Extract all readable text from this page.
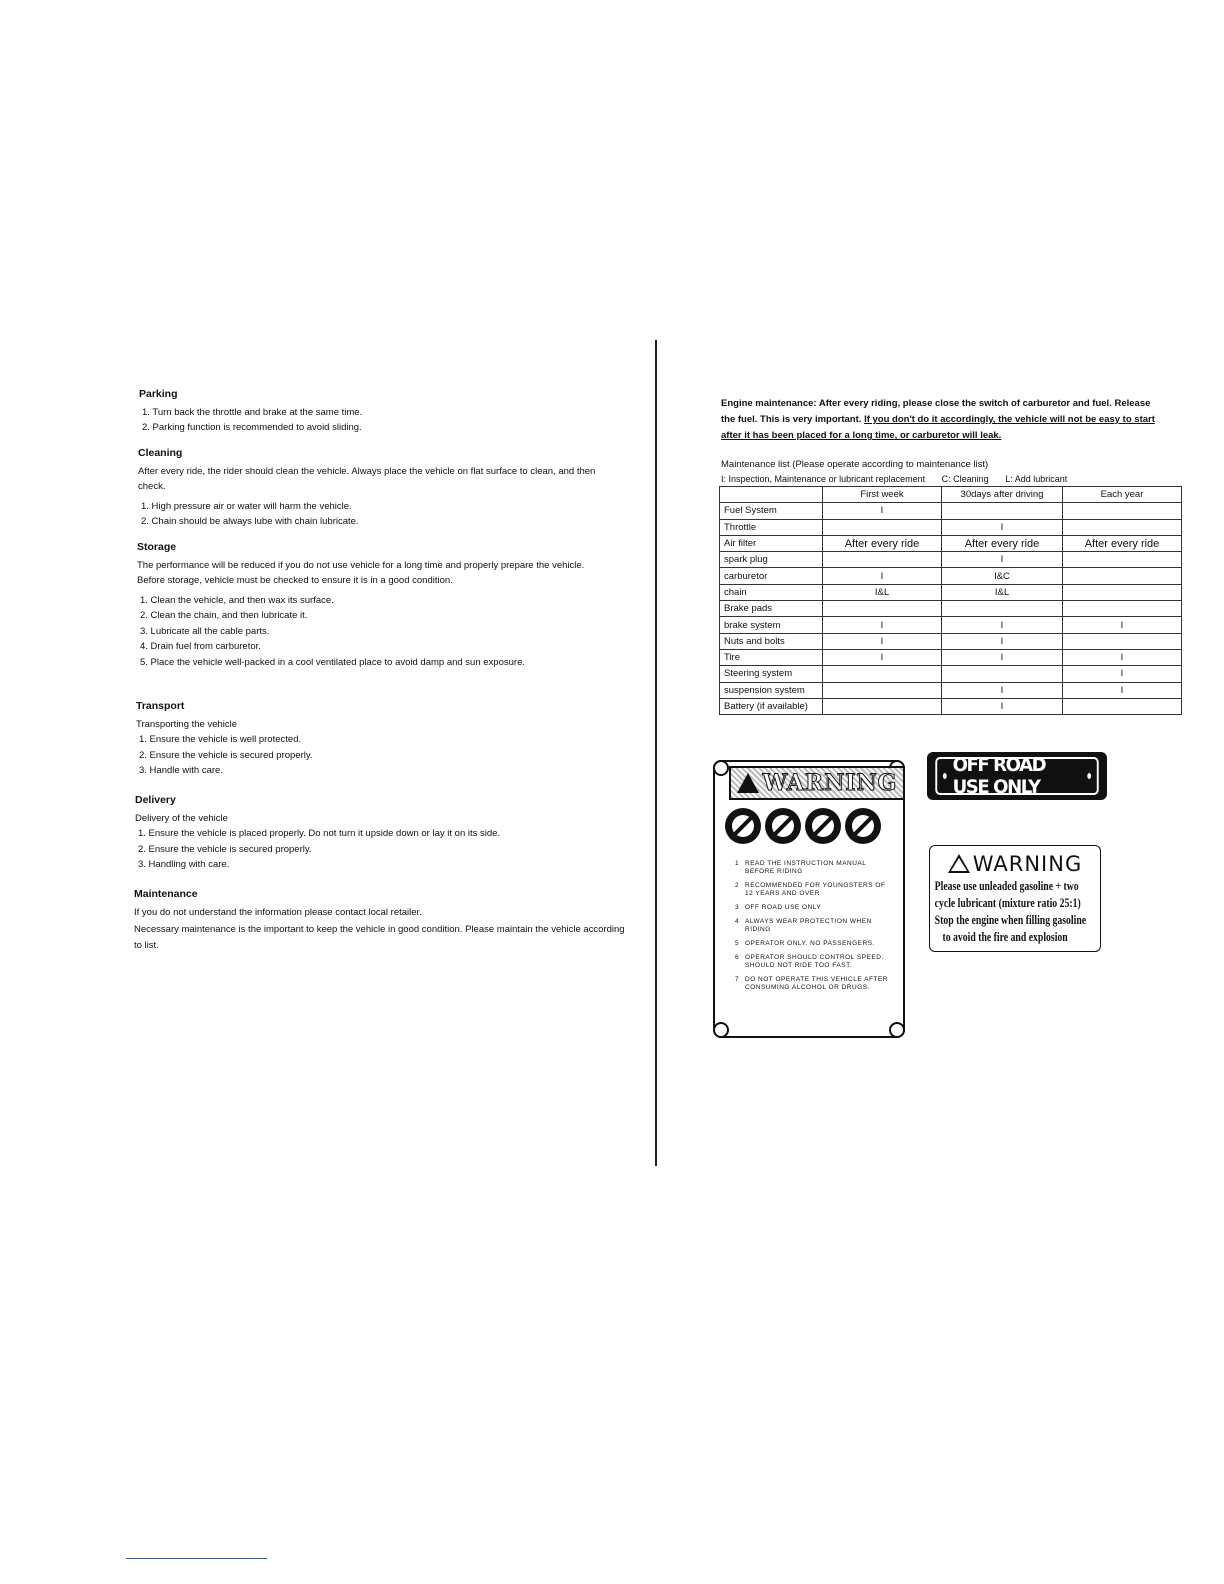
Parking

1. Turn back the throttle and brake at the same time.

2. Parking function is recommended to avoid sliding.

Cleaning

After every ride, the rider should clean the vehicle. Always place the vehicle on flat surface to clean, and then check.

1. High pressure air or water will harm the vehicle.

2. Chain should be always lube with chain lubricate.

Storage

The performance will be reduced if you do not use vehicle for a long time and properly prepare the vehicle.

Before storage, vehicle must be checked to ensure it is in a good condition.

1. Clean the vehicle, and then wax its surface.

2. Clean the chain, and then lubricate it.

3. Lubricate all the cable parts.

4. Drain fuel from carburetor.

5. Place the vehicle well-packed in a cool ventilated place to avoid damp and sun exposure.

Transport

Transporting the vehicle

1. Ensure the vehicle is well protected.

2. Ensure the vehicle is secured properly.

3. Handle with care.

Delivery

Delivery of the vehicle

1. Ensure the vehicle is placed properly. Do not turn it upside down or lay it on its side.

2. Ensure the vehicle is secured properly.

3. Handling with care.

Maintenance

If you do not understand the information please contact local retailer.

Necessary maintenance is the important to keep the vehicle in good condition. Please maintain the vehicle according to list.

Engine maintenance: After every riding, please close the switch of carburetor and fuel. Release the fuel. This is very important. If you don't do it accordingly, the vehicle will not be easy to start after it has been placed for a long time, or carburetor will leak.
Maintenance list (Please operate according to maintenance list)
I: Inspection, Maintenance or lubricant replacement C: Cleaning L: Add lubricant
	First week	30days after driving	Each year
Fuel System	I		
Throttle		I	
Air filter	After every ride	After every ride	After every ride
spark plug		I	
carburetor	I	I&C	
chain	I&L	I&L	
Brake pads			
brake system	I	I	I
Nuts and bolts	I	I	
Tire	I	I	I
Steering system			I
suspension system		I	I
Battery (if available)		I	
WARNING
1 READ THE INSTRUCTION MANUAL BEFORE RIDING
2 RECOMMENDED FOR YOUNGSTERS OF 12 YEARS AND OVER
3 OFF ROAD USE ONLY
4 ALWAYS WEAR PROTECTION WHEN RIDING
5 OPERATOR ONLY. NO PASSENGERS.
6 OPERATOR SHOULD CONTROL SPEED. SHOULD NOT RIDE TOO FAST.
7 DO NOT OPERATE THIS VEHICLE AFTER CONSUMING ALCOHOL OR DRUGS.
OFF ROAD USE ONLY
WARNING
Please use unleaded gasoline + two
cycle lubricant (mixture ratio 25:1)
Stop the engine when filling gasoline
to avoid the fire and explosion
